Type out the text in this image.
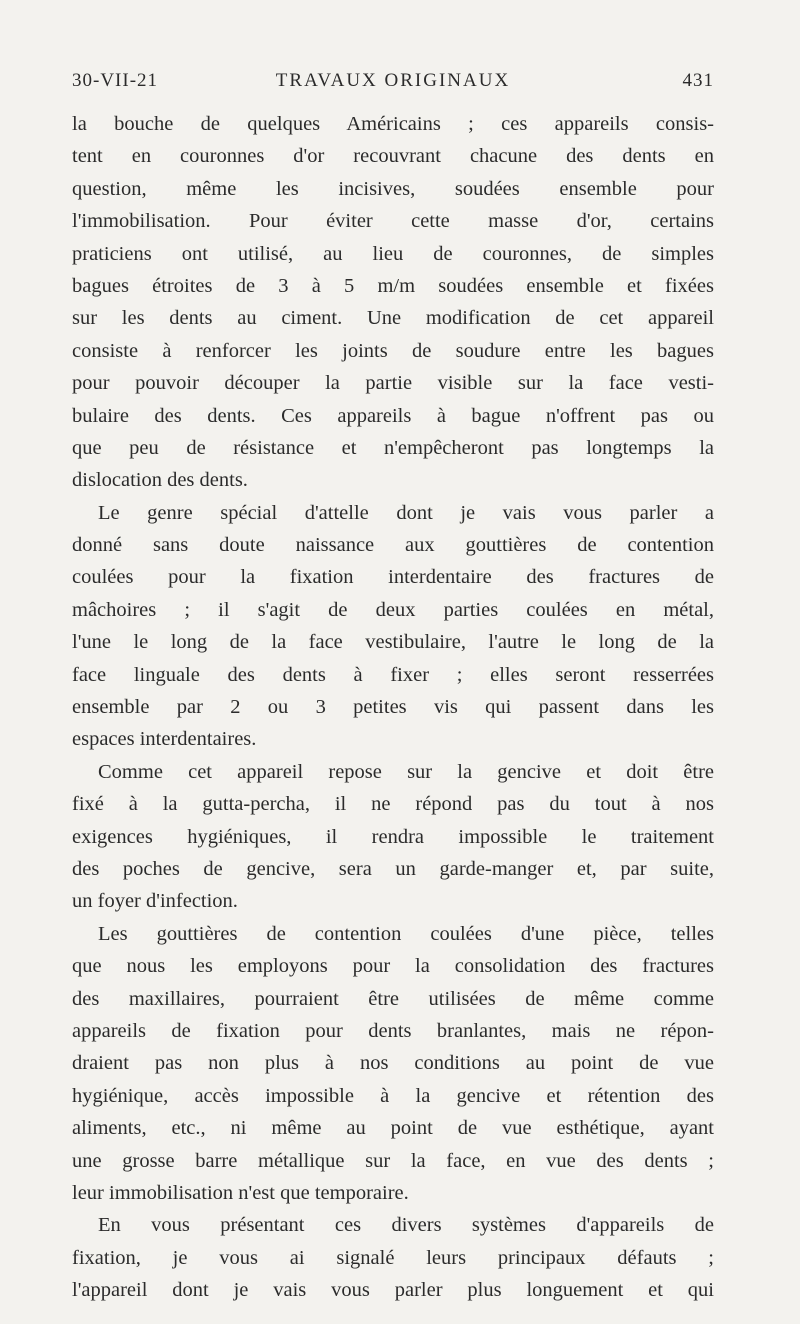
30-VII-21	TRAVAUX ORIGINAUX	431
la bouche de quelques Américains ; ces appareils consis-
tent en couronnes d'or recouvrant chacune des dents en
question, même les incisives, soudées ensemble pour
l'immobilisation. Pour éviter cette masse d'or, certains
praticiens ont utilisé, au lieu de couronnes, de simples
bagues étroites de 3 à 5 m/m soudées ensemble et fixées
sur les dents au ciment. Une modification de cet appareil
consiste à renforcer les joints de soudure entre les bagues
pour pouvoir découper la partie visible sur la face vesti-
bulaire des dents. Ces appareils à bague n'offrent pas ou
que peu de résistance et n'empêcheront pas longtemps la
dislocation des dents.
Le genre spécial d'attelle dont je vais vous parler a
donné sans doute naissance aux gouttières de contention
coulées pour la fixation interdentaire des fractures de
mâchoires ; il s'agit de deux parties coulées en métal,
l'une le long de la face vestibulaire, l'autre le long de la
face linguale des dents à fixer ; elles seront resserrées
ensemble par 2 ou 3 petites vis qui passent dans les
espaces interdentaires.
Comme cet appareil repose sur la gencive et doit être
fixé à la gutta-percha, il ne répond pas du tout à nos
exigences hygiéniques, il rendra impossible le traitement
des poches de gencive, sera un garde-manger et, par suite,
un foyer d'infection.
Les gouttières de contention coulées d'une pièce, telles
que nous les employons pour la consolidation des fractures
des maxillaires, pourraient être utilisées de même comme
appareils de fixation pour dents branlantes, mais ne répon-
draient pas non plus à nos conditions au point de vue
hygiénique, accès impossible à la gencive et rétention des
aliments, etc., ni même au point de vue esthétique, ayant
une grosse barre métallique sur la face, en vue des dents ;
leur immobilisation n'est que temporaire.
En vous présentant ces divers systèmes d'appareils de
fixation, je vous ai signalé leurs principaux défauts ;
l'appareil dont je vais vous parler plus longuement et qui
